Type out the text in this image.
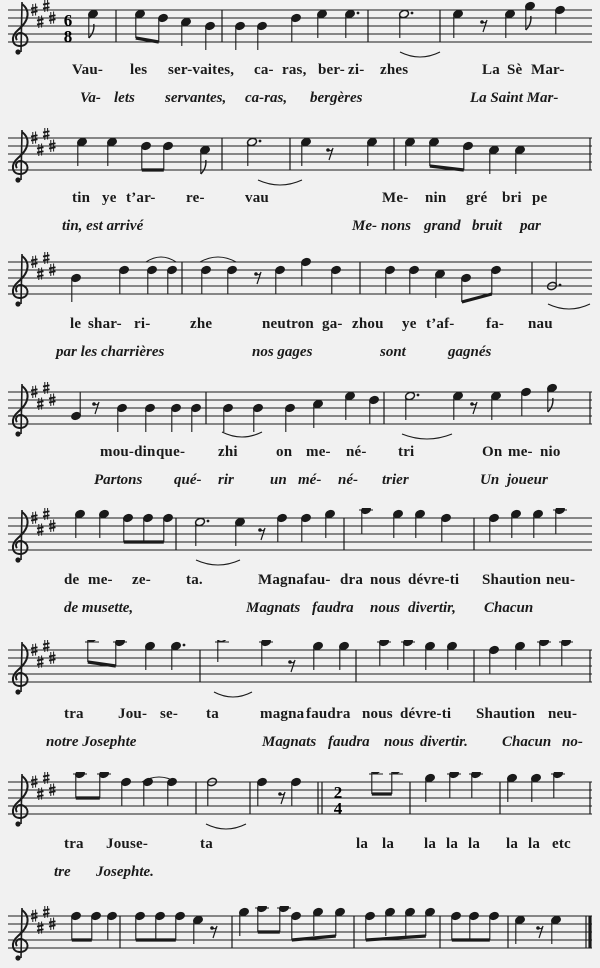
6
8
Vau- les ser-vaites, ca- ras, ber- zi- zhes	La Sè Mar-
Va- lets servantes, ca-ras, bergères	La Saint Mar-
tin ye t’ar- re-	vau	Me- nin gré bri pe
tin, est arrivé	Me- nons grand bruit par
le shar- ri-	zhe	neutron ga- zhou ye t’af- fa- nau
par les charrières	nos gages	sont	gagnés
mou-din que- zhi	on me- né- tri	On me- nio
Partons qué- rir un mé- né- trier	Un joueur
de me- ze- ta.	Magna fau- dra nous dévre-ti Shaution neu-
de musette,	Magnats faudra nous divertir, Chacun
tra Jou- se- ta	magna faudra nous dévre-ti Shaution neu-
notre Josephte	Magnats faudra nous divertir. Chacun no-
2
4
tra Jouse-	ta	la la la la la la la etc
tre Josephte.
